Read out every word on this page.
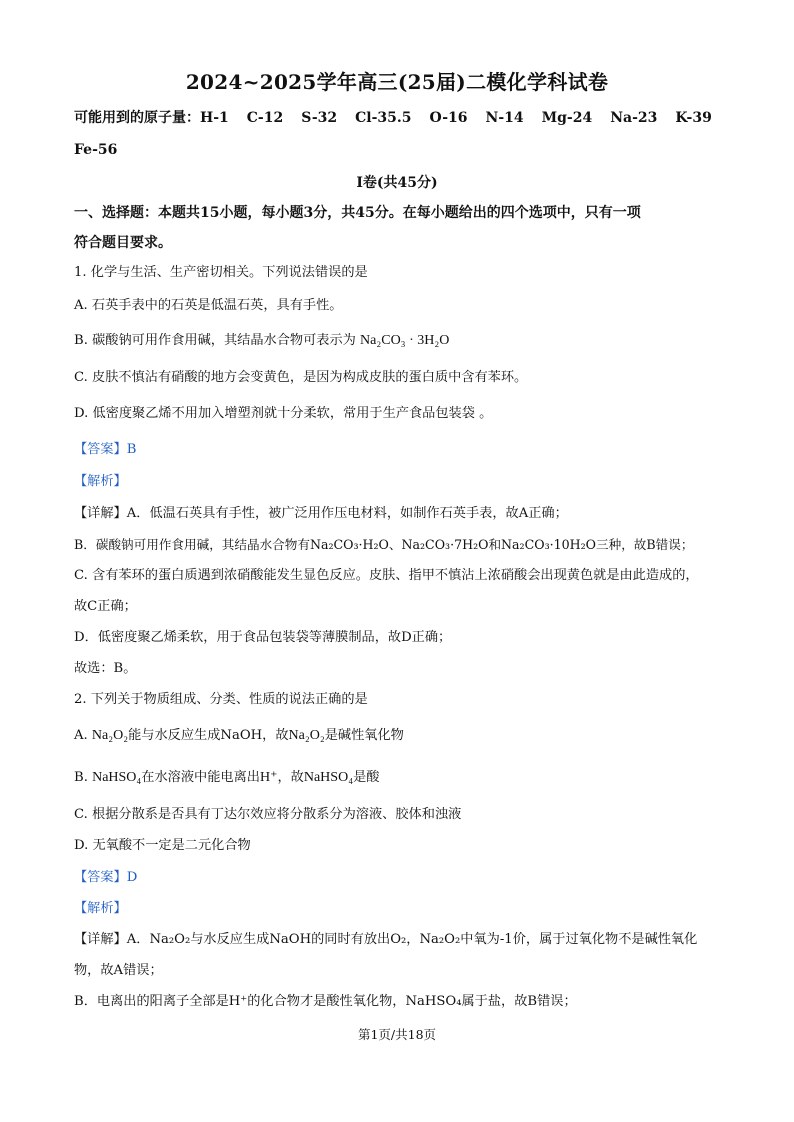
2024~2025学年高三(25届)二模化学科试卷
可能用到的原子量：H-1 C-12 S-32 Cl-35.5 O-16 N-14 Mg-24 Na-23 K-39
Fe-56
I卷(共45分)
一、选择题：本题共15小题，每小题3分，共45分。在每小题给出的四个选项中，只有一项
符合题目要求。
1. 化学与生活、生产密切相关。下列说法错误的是
A. 石英手表中的石英是低温石英，具有手性。
B. 碳酸钠可用作食用碱，其结晶水合物可表示为 Na₂CO₃ · 3H₂O
C. 皮肤不慎沾有硝酸的地方会变黄色，是因为构成皮肤的蛋白质中含有苯环。
D. 低密度聚乙烯不用加入增塑剂就十分柔软，常用于生产食品包装袋 。
【答案】B
【解析】
【详解】A．低温石英具有手性，被广泛用作压电材料，如制作石英手表，故A正确；
B．碳酸钠可用作食用碱，其结晶水合物有Na₂CO₃·H₂O、Na₂CO₃·7H₂O和Na₂CO₃·10H₂O三种，故B错误；
C. 含有苯环的蛋白质遇到浓硝酸能发生显色反应。皮肤、指甲不慎沾上浓硝酸会出现黄色就是由此造成的，
故C正确；
D．低密度聚乙烯柔软，用于食品包装袋等薄膜制品，故D正确；
故选：B。
2. 下列关于物质组成、分类、性质的说法正确的是
A. Na₂O₂能与水反应生成NaOH，故Na₂O₂是碱性氧化物
B. NaHSO₄在水溶液中能电离出H⁺，故NaHSO₄是酸
C. 根据分散系是否具有丁达尔效应将分散系分为溶液、胶体和浊液
D. 无氧酸不一定是二元化合物
【答案】D
【解析】
【详解】A．Na₂O₂与水反应生成NaOH的同时有放出O₂，Na₂O₂中氧为-1价，属于过氧化物不是碱性氧化
物，故A错误；
B．电离出的阳离子全部是H⁺的化合物才是酸性氧化物，NaHSO₄属于盐，故B错误；
第1页/共18页
